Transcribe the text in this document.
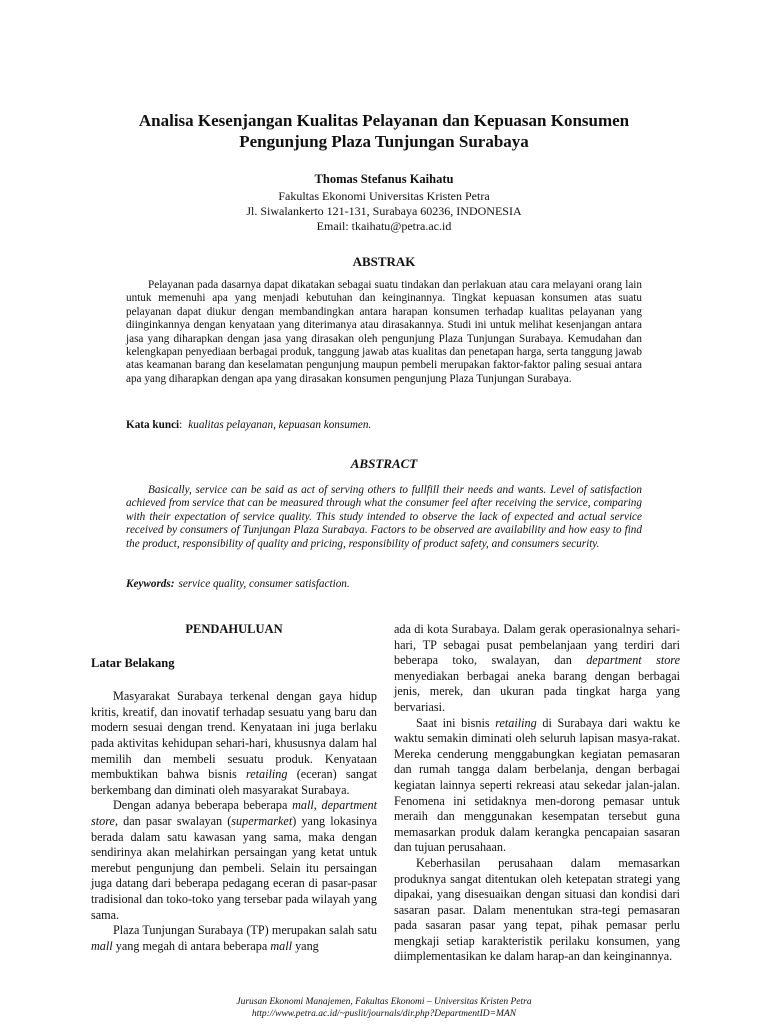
Analisa Kesenjangan Kualitas Pelayanan dan Kepuasan Konsumen
Pengunjung Plaza Tunjungan Surabaya
Thomas Stefanus Kaihatu
Fakultas Ekonomi Universitas Kristen Petra
Jl. Siwalankerto 121-131, Surabaya 60236, INDONESIA
Email: tkaihatu@petra.ac.id
ABSTRAK
Pelayanan pada dasarnya dapat dikatakan sebagai suatu tindakan dan perlakuan atau cara melayani orang lain untuk memenuhi apa yang menjadi kebutuhan dan keinginannya. Tingkat kepuasan konsumen atas suatu pelayanan dapat diukur dengan membandingkan antara harapan konsumen terhadap kualitas pelayanan yang diinginkannya dengan kenyataan yang diterimanya atau dirasakannya. Studi ini untuk melihat kesenjangan antara jasa yang diharapkan dengan jasa yang dirasakan oleh pengunjung Plaza Tunjungan Surabaya. Kemudahan dan kelengkapan penyediaan berbagai produk, tanggung jawab atas kualitas dan penetapan harga, serta tanggung jawab atas keamanan barang dan keselamatan pengunjung maupun pembeli merupakan faktor-faktor paling sesuai antara apa yang diharapkan dengan apa yang dirasakan konsumen pengunjung Plaza Tunjungan Surabaya.
Kata kunci: kualitas pelayanan, kepuasan konsumen.
ABSTRACT
Basically, service can be said as act of serving others to fullfill their needs and wants. Level of satisfaction achieved from service that can be measured through what the consumer feel after receiving the service, comparing with their expectation of service quality. This study intended to observe the lack of expected and actual service received by consumers of Tunjungan Plaza Surabaya. Factors to be observed are availability and how easy to find the product, responsibility of quality and pricing, responsibility of product safety, and consumers security.
Keywords: service quality, consumer satisfaction.
PENDAHULUAN
Latar Belakang

Masyarakat Surabaya terkenal dengan gaya hidup kritis, kreatif, dan inovatif terhadap sesuatu yang baru dan modern sesuai dengan trend. Kenyataan ini juga berlaku pada aktivitas kehidupan sehari-hari, khususnya dalam hal memilih dan membeli sesuatu produk. Kenyataan membuktikan bahwa bisnis retailing (eceran) sangat berkembang dan diminati oleh masyarakat Surabaya.

Dengan adanya beberapa beberapa mall, department store, dan pasar swalayan (supermarket) yang lokasinya berada dalam satu kawasan yang sama, maka dengan sendirinya akan melahirkan persaingan yang ketat untuk merebut pengunjung dan pembeli. Selain itu persaingan juga datang dari beberapa pedagang eceran di pasar-pasar tradisional dan toko-toko yang tersebar pada wilayah yang sama.

Plaza Tunjungan Surabaya (TP) merupakan salah satu mall yang megah di antara beberapa mall yang

ada di kota Surabaya. Dalam gerak operasionalnya sehari-hari, TP sebagai pusat pembelanjaan yang terdiri dari beberapa toko, swalayan, dan department store menyediakan berbagai aneka barang dengan berbagai jenis, merek, dan ukuran pada tingkat harga yang bervariasi.

Saat ini bisnis retailing di Surabaya dari waktu ke waktu semakin diminati oleh seluruh lapisan masya-rakat. Mereka cenderung menggabungkan kegiatan pemasaran dan rumah tangga dalam berbelanja, dengan berbagai kegiatan lainnya seperti rekreasi atau sekedar jalan-jalan. Fenomena ini setidaknya men-dorong pemasar untuk meraih dan menggunakan kesempatan tersebut guna memasarkan produk dalam kerangka pencapaian sasaran dan tujuan perusahaan.

Keberhasilan perusahaan dalam memasarkan produknya sangat ditentukan oleh ketepatan strategi yang dipakai, yang disesuaikan dengan situasi dan kondisi dari sasaran pasar. Dalam menentukan stra-tegi pemasaran pada sasaran pasar yang tepat, pihak pemasar perlu mengkaji setiap karakteristik perilaku konsumen, yang diimplementasikan ke dalam harap-an dan keinginannya.

Jurusan Ekonomi Manajemen, Fakultas Ekonomi – Universitas Kristen Petra
http://www.petra.ac.id/~puslit/journals/dir.php?DepartmentID=MAN
